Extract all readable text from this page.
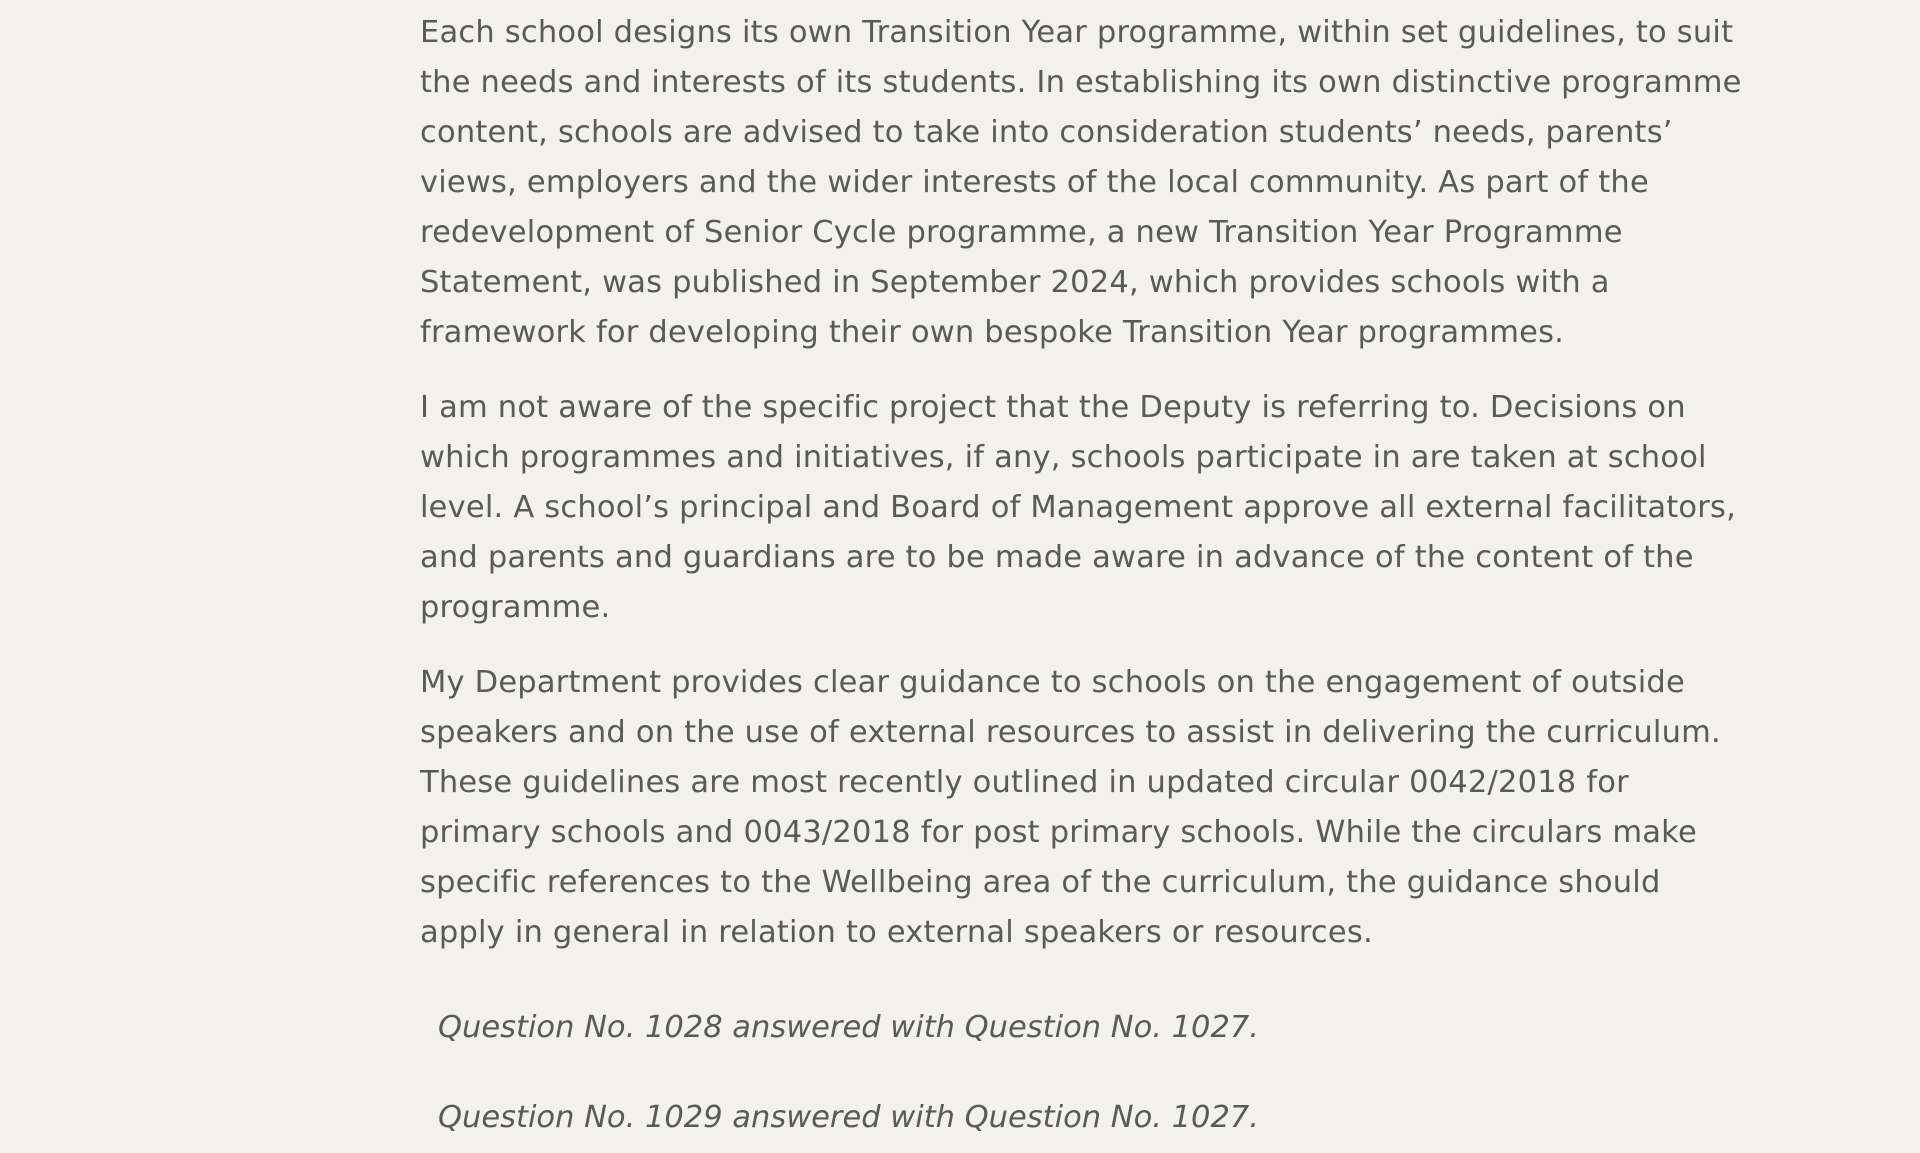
Each school designs its own Transition Year programme, within set guidelines, to suit the needs and interests of its students. In establishing its own distinctive programme content, schools are advised to take into consideration students’ needs, parents’ views, employers and the wider interests of the local community. As part of the redevelopment of Senior Cycle programme, a new Transition Year Programme Statement, was published in September 2024, which provides schools with a framework for developing their own bespoke Transition Year programmes.

I am not aware of the specific project that the Deputy is referring to. Decisions on which programmes and initiatives, if any, schools participate in are taken at school level. A school’s principal and Board of Management approve all external facilitators, and parents and guardians are to be made aware in advance of the content of the programme.

My Department provides clear guidance to schools on the engagement of outside speakers and on the use of external resources to assist in delivering the curriculum. These guidelines are most recently outlined in updated circular 0042/2018 for primary schools and 0043/2018 for post primary schools. While the circulars make specific references to the Wellbeing area of the curriculum, the guidance should apply in general in relation to external speakers or resources.

Question No. 1028 answered with Question No. 1027.

Question No. 1029 answered with Question No. 1027.
